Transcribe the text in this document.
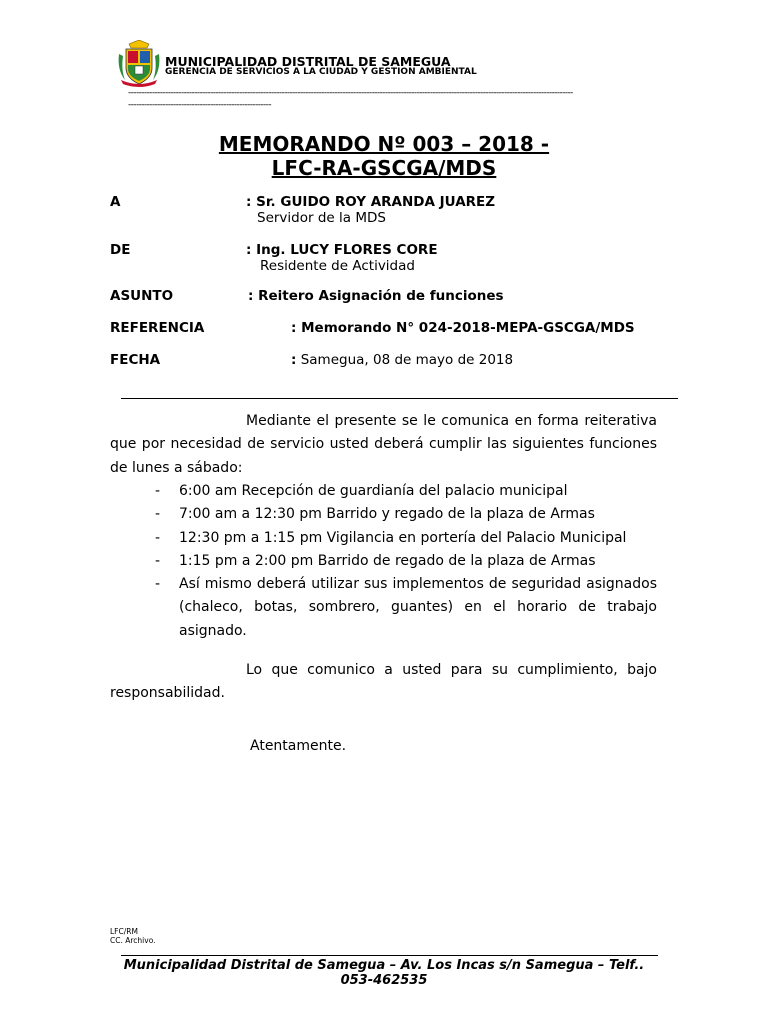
MUNICIPALIDAD DISTRITAL DE SAMEGUA
GERENCIA DE SERVICIOS A LA CIUDAD Y GESTION AMBIENTAL
------------------------------------------------------------------------------------------------------------------------------------------------------------------------
------------------------------------------------------
MEMORANDO Nº 003 – 2018 -
LFC-RA-GSCGA/MDS
A	: Sr. GUIDO ROY ARANDA JUAREZ
Servidor de la MDS
DE	: Ing. LUCY FLORES CORE
Residente de Actividad
ASUNTO	: Reitero Asignación de funciones
REFERENCIA	: Memorando N° 024-2018-MEPA-GSCGA/MDS
FECHA	: Samegua, 08 de mayo de 2018
Mediante el presente se le comunica en forma reiterativa que por necesidad de servicio usted deberá cumplir las siguientes funciones de lunes a sábado:
- 6:00 am Recepción de guardianía del palacio municipal
- 7:00 am a 12:30 pm Barrido y regado de la plaza de Armas
- 12:30 pm a 1:15 pm Vigilancia en portería del Palacio Municipal
- 1:15 pm a 2:00 pm Barrido de regado de la plaza de Armas
- Así mismo deberá utilizar sus implementos de seguridad asignados (chaleco, botas, sombrero, guantes) en el horario de trabajo asignado.
Lo que comunico a usted para su cumplimiento, bajo responsabilidad.
Atentamente.
LFC/RM
CC. Archivo.
Municipalidad Distrital de Samegua – Av. Los Incas s/n Samegua – Telf.. 053-462535
